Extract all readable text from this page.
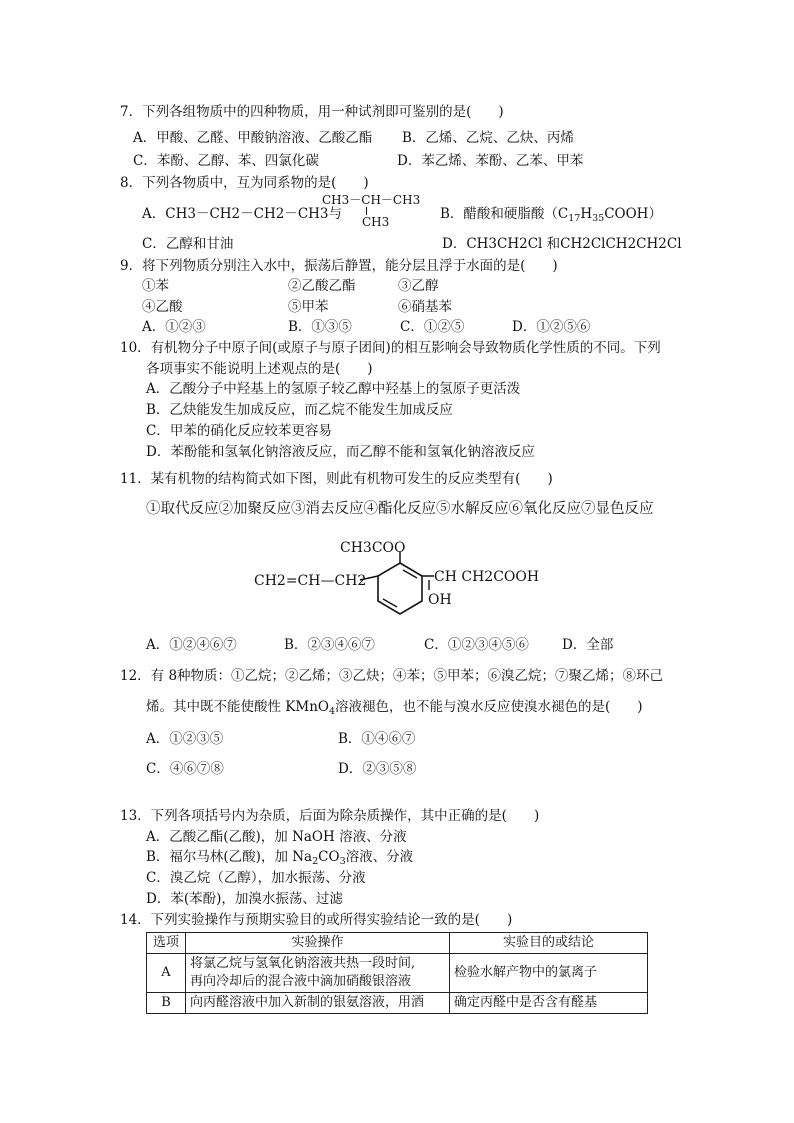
7．下列各组物质中的四种物质，用一种试剂即可鉴别的是(　　)
A．甲酸、乙醛、甲酸钠溶液、乙酸乙酯 B．乙烯、乙烷、乙炔、丙烯
C．苯酚、乙醇、苯、四氯化碳	D．苯乙烯、苯酚、乙苯、甲苯
8．下列各物质中，互为同系物的是(　　)
CH3－CH－CH3
CH3
A．CH3－CH2－CH2－CH3与	B．醋酸和硬脂酸$(C_{17}H_{35}COOH)$
C．乙醇和甘油	D．CH3CH2Cl 和CH2ClCH2CH2Cl
9．将下列物质分别注入水中，振荡后静置，能分层且浮于水面的是(　　)
①苯	②乙酸乙酯	③乙醇
④乙酸	⑤甲苯	⑥硝基苯
A．①②③	B．①③⑤	C．①②⑤	D．①②⑤⑥
10．有机物分子中原子间(或原子与原子团间)的相互影响会导致物质化学性质的不同。下列
各项事实不能说明上述观点的是(　　)
A．乙酸分子中羟基上的氢原子较乙醇中羟基上的氢原子更活泼
B．乙炔能发生加成反应，而乙烷不能发生加成反应
C．甲苯的硝化反应较苯更容易
D．苯酚能和氢氧化钠溶液反应，而乙醇不能和氢氧化钠溶液反应
11．某有机物的结构简式如下图，则此有机物可发生的反应类型有(　　)
①取代反应②加聚反应③消去反应④酯化反应⑤水解反应⑥氧化反应⑦显色反应
CH3COO
CH2=CH—CH2	CH CH2COOH
OH
A．①②④⑥⑦	B．②③④⑥⑦	C．①②③④⑤⑥ D．全部
12．有 8种物质：①乙烷；②乙烯；③乙炔；④苯；⑤甲苯；⑥溴乙烷；⑦聚乙烯；⑧环己
烯。其中既不能使酸性 KMnO$_4$溶液褪色，也不能与溴水反应使溴水褪色的是(　　)
A．①②③⑤	B．①④⑥⑦
C．④⑥⑦⑧	D．②③⑤⑧
13．下列各项括号内为杂质，后面为除杂质操作，其中正确的是(　　)
A．乙酸乙酯(乙酸)，加 NaOH 溶液、分液
B．福尔马林(乙酸)，加 $Na_2CO_3$溶液、分液
C．溴乙烷（乙醇），加水振荡、分液
D．苯(苯酚)，加溴水振荡、过滤
14．下列实验操作与预期实验目的或所得实验结论一致的是(　　)
选项	实验操作	实验目的或结论
A	将氯乙烷与氢氧化钠溶液共热一段时间,
再向冷却后的混合液中滴加硝酸银溶液	检验水解产物中的氯离子
B	向丙醛溶液中加入新制的银氨溶液，用酒	确定丙醛中是否含有醛基
